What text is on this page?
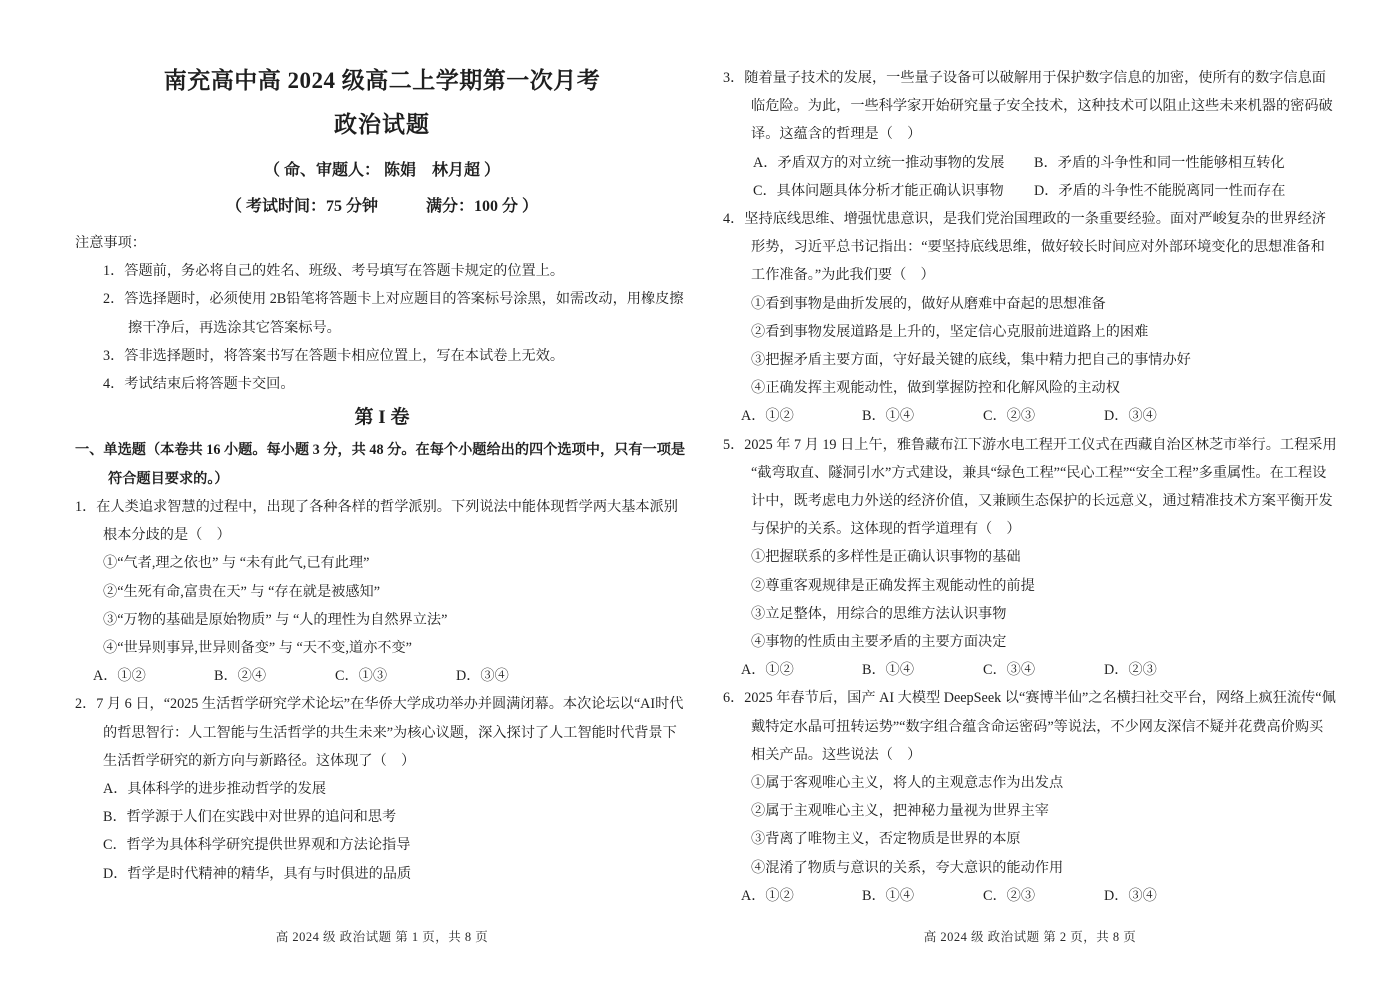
南充高中高 2024 级高二上学期第一次月考
政治试题
（ 命、审题人： 陈娟　林月超 ）
（ 考试时间：75 分钟　　　满分：100 分 ）
注意事项：
1．答题前，务必将自己的姓名、班级、考号填写在答题卡规定的位置上。
2．答选择题时，必须使用 2B铅笔将答题卡上对应题目的答案标号涂黑，如需改动，用橡皮擦擦干净后，再选涂其它答案标号。
3．答非选择题时，将答案书写在答题卡相应位置上，写在本试卷上无效。
4．考试结束后将答题卡交回。
第 I 卷
一、单选题（本卷共 16 小题。每小题 3 分，共 48 分。在每个小题给出的四个选项中，只有一项是符合题目要求的。）
1．在人类追求智慧的过程中，出现了各种各样的哲学派别。下列说法中能体现哲学两大基本派别根本分歧的是（　）
①“气者,理之依也” 与 “未有此气,已有此理”
②“生死有命,富贵在天” 与 “存在就是被感知”
③“万物的基础是原始物质” 与 “人的理性为自然界立法”
④“世异则事异,世异则备变” 与 “天不变,道亦不变”
A．①②	B．②④	C．①③	D．③④
2．7 月 6 日，“2025 生活哲学研究学术论坛”在华侨大学成功举办并圆满闭幕。本次论坛以“AI时代的哲思智行：人工智能与生活哲学的共生未来”为核心议题，深入探讨了人工智能时代背景下生活哲学研究的新方向与新路径。这体现了（　）
A．具体科学的进步推动哲学的发展
B．哲学源于人们在实践中对世界的追问和思考
C．哲学为具体科学研究提供世界观和方法论指导
D．哲学是时代精神的精华，具有与时俱进的品质
3．随着量子技术的发展，一些量子设备可以破解用于保护数字信息的加密，使所有的数字信息面临危险。为此，一些科学家开始研究量子安全技术，这种技术可以阻止这些未来机器的密码破译。这蕴含的哲理是（　）
A．矛盾双方的对立统一推动事物的发展 B．矛盾的斗争性和同一性能够相互转化C．具体问题具体分析才能正确认识事物 D．矛盾的斗争性不能脱离同一性而存在
4．坚持底线思维、增强忧患意识，是我们党治国理政的一条重要经验。面对严峻复杂的世界经济形势，习近平总书记指出：“要坚持底线思维，做好较长时间应对外部环境变化的思想准备和工作准备。”为此我们要（　）
①看到事物是曲折发展的，做好从磨难中奋起的思想准备
②看到事物发展道路是上升的，坚定信心克服前进道路上的困难
③把握矛盾主要方面，守好最关键的底线，集中精力把自己的事情办好
④正确发挥主观能动性，做到掌握防控和化解风险的主动权
A．①②	B．①④	C．②③	D．③④
5．2025 年 7 月 19 日上午，雅鲁藏布江下游水电工程开工仪式在西藏自治区林芝市举行。工程采用“截弯取直、隧洞引水”方式建设，兼具“绿色工程”“民心工程”“安全工程”多重属性。在工程设计中，既考虑电力外送的经济价值，又兼顾生态保护的长远意义，通过精准技术方案平衡开发与保护的关系。这体现的哲学道理有（　）
①把握联系的多样性是正确认识事物的基础
②尊重客观规律是正确发挥主观能动性的前提
③立足整体，用综合的思维方法认识事物
④事物的性质由主要矛盾的主要方面决定
A．①②	B．①④	C．③④	D．②③
6．2025 年春节后，国产 AI 大模型 DeepSeek 以“赛博半仙”之名横扫社交平台，网络上疯狂流传“佩戴特定水晶可扭转运势”“数字组合蕴含命运密码”等说法，不少网友深信不疑并花费高价购买相关产品。这些说法（　）
①属于客观唯心主义，将人的主观意志作为出发点
②属于主观唯心主义，把神秘力量视为世界主宰
③背离了唯物主义，否定物质是世界的本原
④混淆了物质与意识的关系，夸大意识的能动作用
A．①②	B．①④	C．②③	D．③④
高 2024 级 政治试题 第 1 页，共 8 页	高 2024 级 政治试题 第 2 页，共 8 页
